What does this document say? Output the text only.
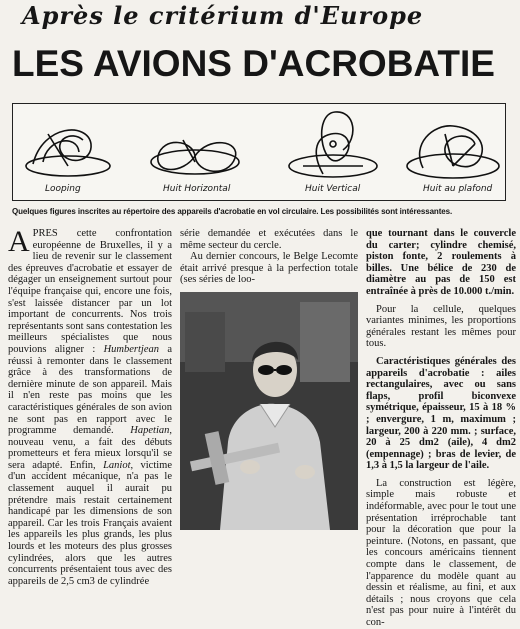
Après le critérium d'Europe
LES AVIONS D'ACROBATIE
Looping	Huit Horizontal	Huit Vertical	Huit au plafond
Quelques figures inscrites au répertoire des appareils d'acrobatie en vol circulaire. Les possibilités sont intéressantes.

A PRES cette confrontation européenne de Bruxelles, il y a lieu de revenir sur le classement des épreuves d'acrobatie et essayer de dégager un enseignement surtout pour l'équipe française qui, encore une fois, s'est laissée distancer par un lot important de concurrents. Nos trois représentants sont sans contestation les meilleurs spécialistes que nous pouvions aligner : Humbertjean a réussi à remonter dans le classement grâce à des transformations de dernière minute de son appareil. Mais il n'en reste pas moins que les caractéristiques générales de son avion ne sont pas en rapport avec le programme demandé. Hapetian, nouveau venu, a fait des débuts prometteurs et fera mieux lorsqu'il se sera adapté. Enfin, Laniot, victime d'un accident mécanique, n'a pas le classement auquel il aurait pu prétendre mais restait certainement handicapé par les dimensions de son appareil. Car les trois Français avaient les appareils les plus grands, les plus lourds et les moteurs des plus grosses cylindrées, alors que les autres concurrents présentaient tous avec des appareils de 2,5 cm3 de cylindrée

série demandée et exécutées dans le même secteur du cercle.

Au dernier concours, le Belge Lecomte était arrivé presque à la perfection totale (ses séries de loo-

que tournant dans le couvercle du carter; cylindre chemisé, piston fonte, 2 roulements à billes. Une bélice de 230 de diamètre au pas de 150 est entraînée à près de 10.000 t./min.

Pour la cellule, quelques variantes minimes, les proportions générales restant les mêmes pour tous.

Caractéristiques générales des appareils d'acrobatie : ailes rectangulaires, avec ou sans flaps, profil biconvexe symétrique, épaisseur, 15 à 18 % ; envergure, 1 m, maximum ; largeur, 200 à 220 mm. ; surface, 20 à 25 dm2 (aile), 4 dm2 (empennage) ; bras de levier, de 1,3 à 1,5 la largeur de l'aile.

La construction est légère, simple mais robuste et indéformable, avec pour le tout une présentation irréprochable tant pour la décoration que pour la peinture. (Notons, en passant, que les concours américains tiennent compte dans le classement, de l'apparence du modèle quant au dessin et réalisme, au fini, et aux détails ; nous croyons que cela n'est pas pour nuire à l'intérêt du con-
